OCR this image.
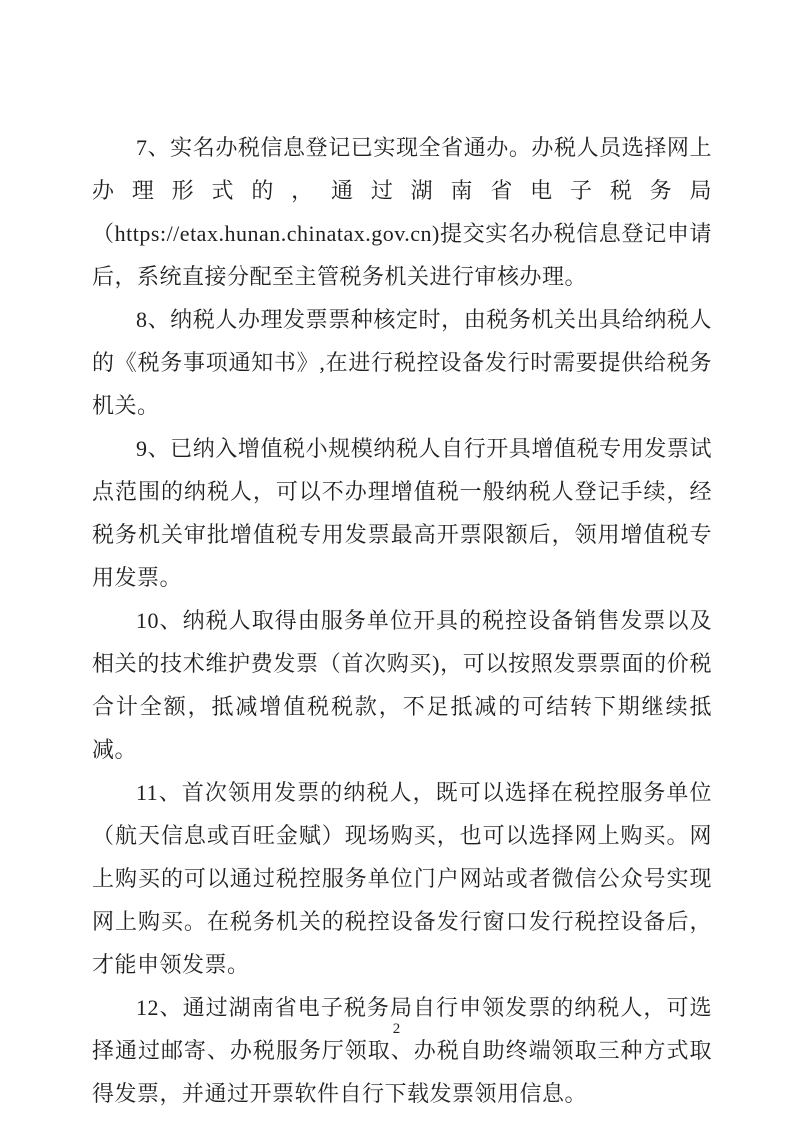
7、实名办税信息登记已实现全省通办。办税人员选择网上办理形式的，通过湖南省电子税务局（https://etax.hunan.chinatax.gov.cn)提交实名办税信息登记申请后，系统直接分配至主管税务机关进行审核办理。

8、纳税人办理发票票种核定时，由税务机关出具给纳税人的《税务事项通知书》,在进行税控设备发行时需要提供给税务机关。

9、已纳入增值税小规模纳税人自行开具增值税专用发票试点范围的纳税人，可以不办理增值税一般纳税人登记手续，经税务机关审批增值税专用发票最高开票限额后，领用增值税专用发票。

10、纳税人取得由服务单位开具的税控设备销售发票以及相关的技术维护费发票（首次购买)，可以按照发票票面的价税合计全额，抵减增值税税款，不足抵减的可结转下期继续抵减。

11、首次领用发票的纳税人，既可以选择在税控服务单位（航天信息或百旺金赋）现场购买，也可以选择网上购买。网上购买的可以通过税控服务单位门户网站或者微信公众号实现网上购买。在税务机关的税控设备发行窗口发行税控设备后，才能申领发票。

12、通过湖南省电子税务局自行申领发票的纳税人，可选择通过邮寄、办税服务厅领取、办税自助终端领取三种方式取得发票，并通过开票软件自行下载发票领用信息。

2
